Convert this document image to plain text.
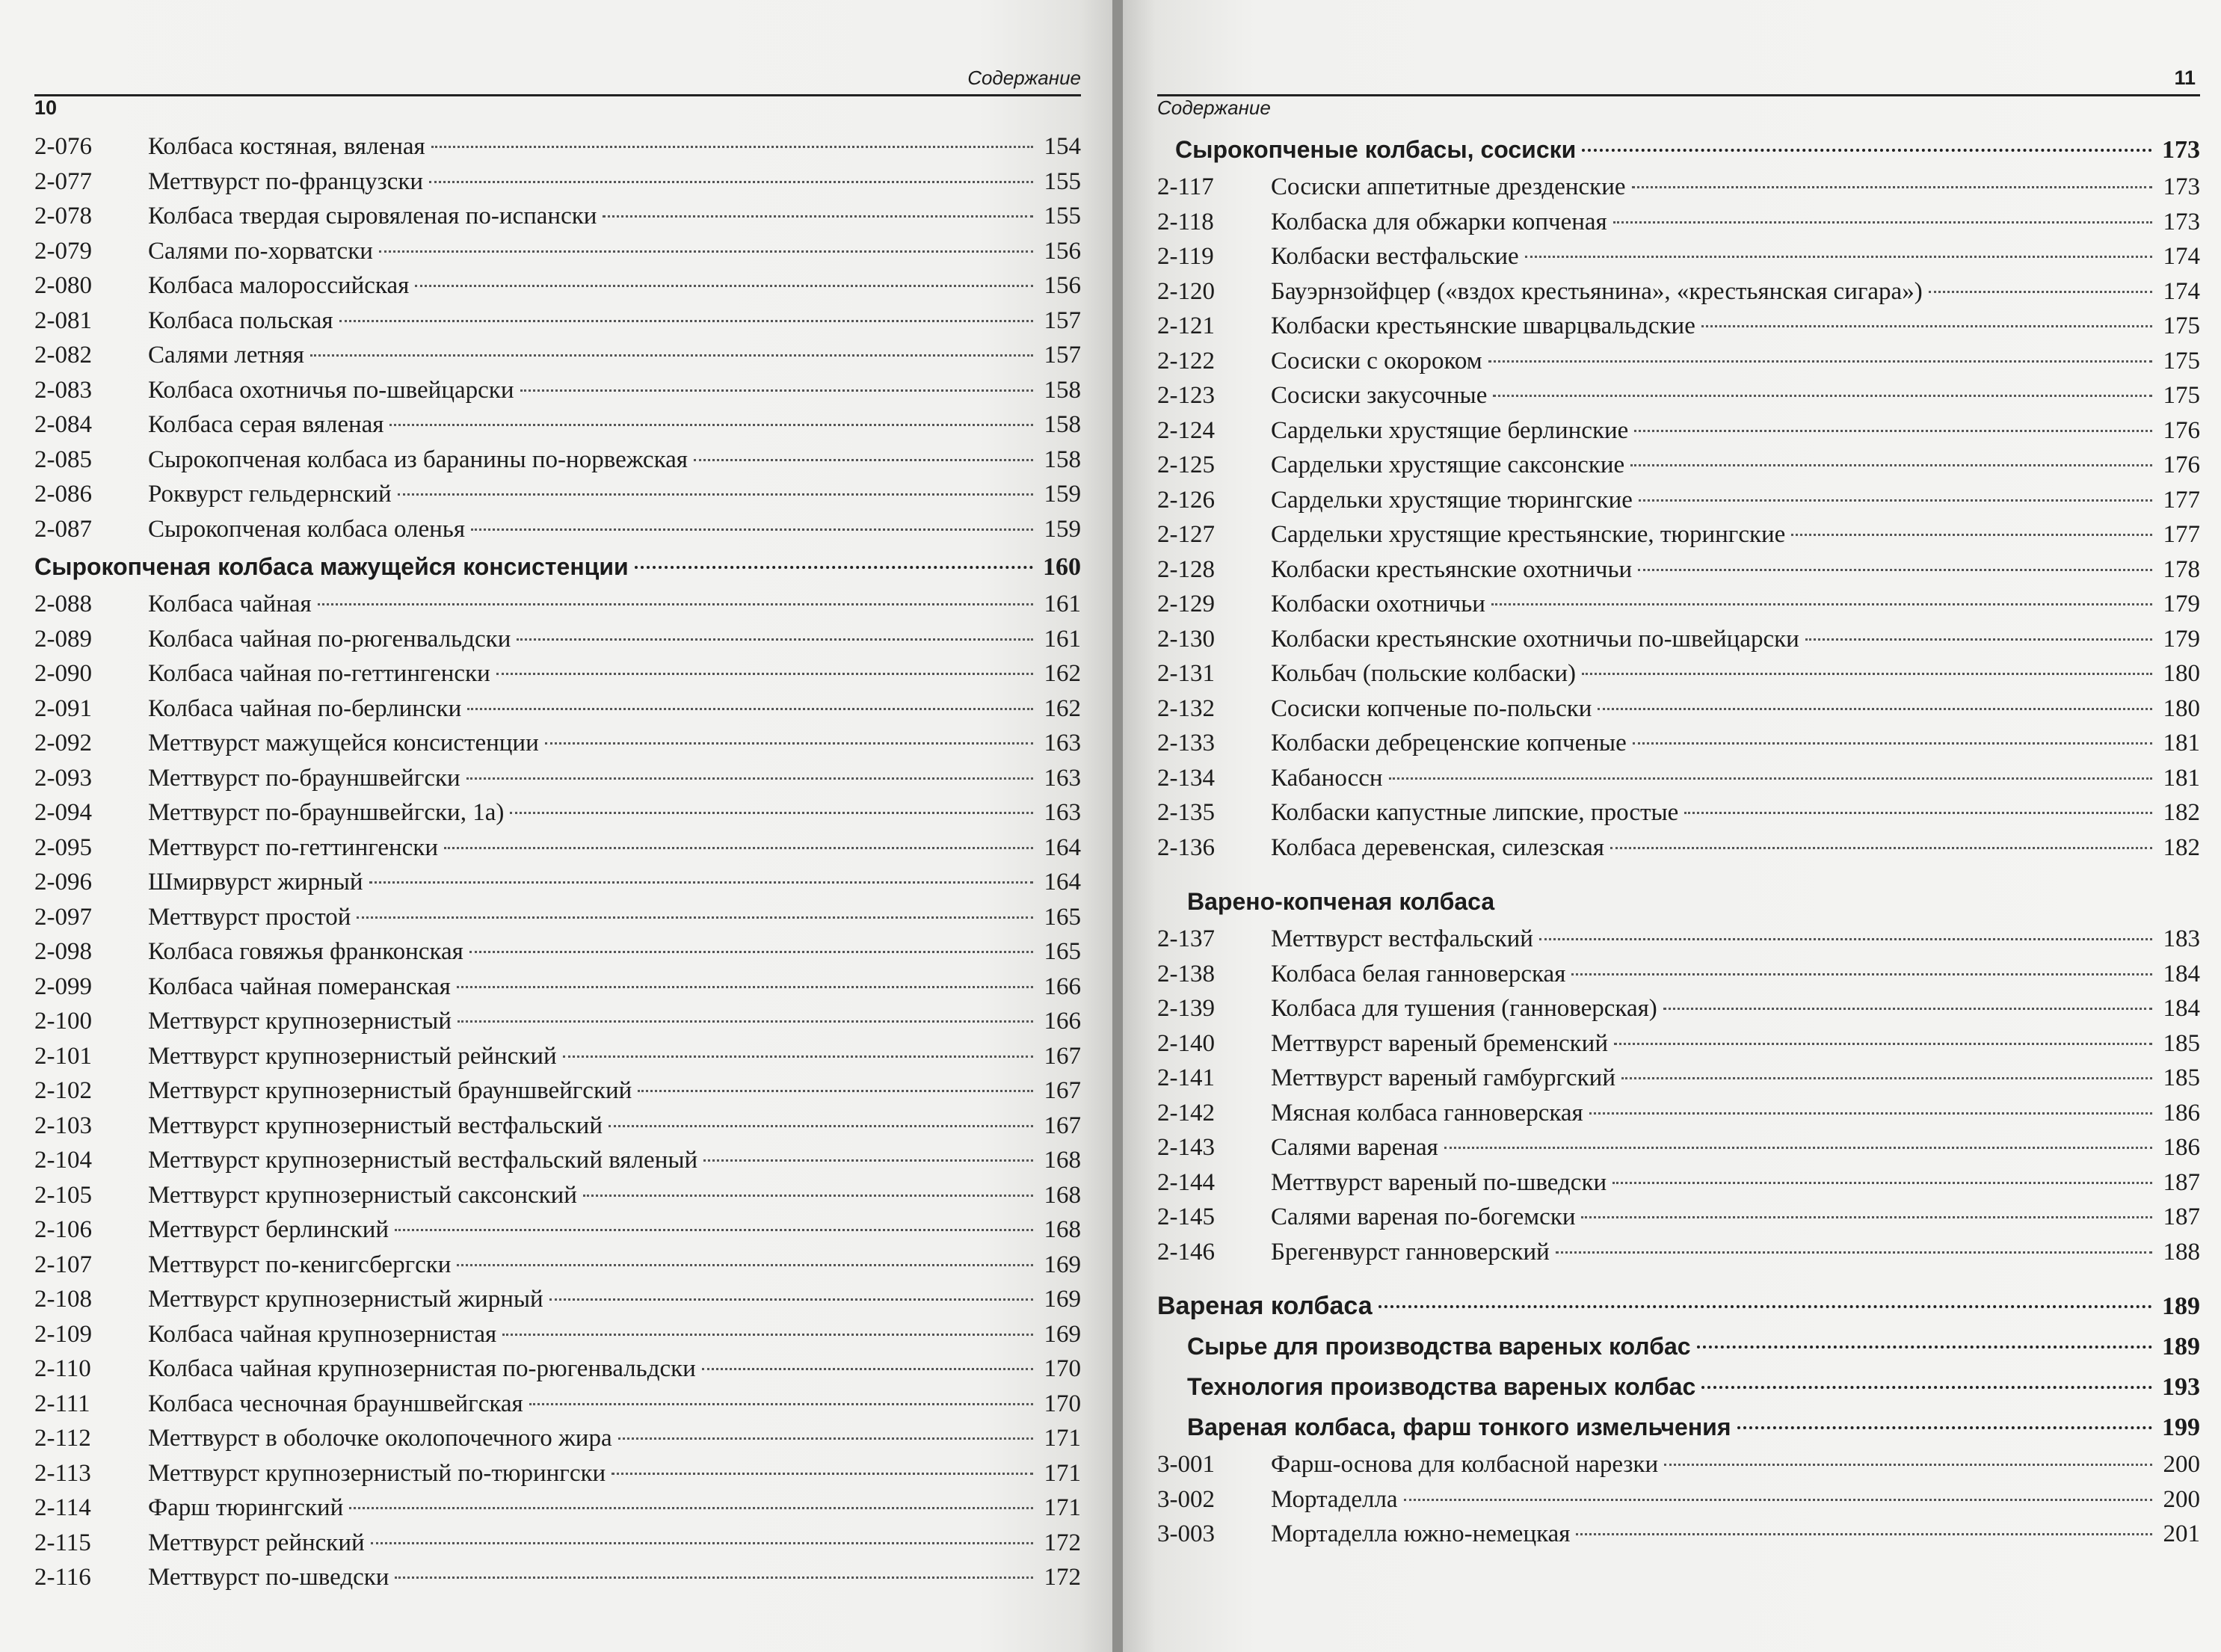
10
Содержание
2-076	Колбаса костяная, вяленая	154
2-077	Меттвурст по-французски	155
2-078	Колбаса твердая сыровяленая по-испански	155
2-079	Салями по-хорватски	156
2-080	Колбаса малороссийская	156
2-081	Колбаса польская	157
2-082	Салями летняя	157
2-083	Колбаса охотничья по-швейцарски	158
2-084	Колбаса серая вяленая	158
2-085	Сырокопченая колбаса из баранины по-норвежская	158
2-086	Роквурст гельдернский	159
2-087	Сырокопченая колбаса оленья	159
Сырокопченая колбаса мажущейся консистенции	160
2-088	Колбаса чайная	161
2-089	Колбаса чайная по-рюгенвальдски	161
2-090	Колбаса чайная по-геттингенски	162
2-091	Колбаса чайная по-берлински	162
2-092	Меттвурст мажущейся консистенции	163
2-093	Меттвурст по-брауншвейгски	163
2-094	Меттвурст по-брауншвейгски, 1а)	163
2-095	Меттвурст по-геттингенски	164
2-096	Шмирвурст жирный	164
2-097	Меттвурст простой	165
2-098	Колбаса говяжья франконская	165
2-099	Колбаса чайная померанская	166
2-100	Меттвурст крупнозернистый	166
2-101	Меттвурст крупнозернистый рейнский	167
2-102	Меттвурст крупнозернистый брауншвейгский	167
2-103	Меттвурст крупнозернистый вестфальский	167
2-104	Меттвурст крупнозернистый вестфальский вяленый	168
2-105	Меттвурст крупнозернистый саксонский	168
2-106	Меттвурст берлинский	168
2-107	Меттвурст по-кенигсбергски	169
2-108	Меттвурст крупнозернистый жирный	169
2-109	Колбаса чайная крупнозернистая	169
2-110	Колбаса чайная крупнозернистая по-рюгенвальдски	170
2-111	Колбаса чесночная брауншвейгская	170
2-112	Меттвурст в оболочке околопочечного жира	171
2-113	Меттвурст крупнозернистый по-тюрингски	171
2-114	Фарш тюрингский	171
2-115	Меттвурст рейнский	172
2-116	Меттвурст по-шведски	172
Содержание
11
Сырокопченые колбасы, сосиски	173
2-117	Сосиски аппетитные дрезденские	173
2-118	Колбаска для обжарки копченая	173
2-119	Колбаски вестфальские	174
2-120	Бауэрнзойфцер («вздох крестьянина», «крестьянская сигара»)	174
2-121	Колбаски крестьянские шварцвальдские	175
2-122	Сосиски с окороком	175
2-123	Сосиски закусочные	175
2-124	Сардельки хрустящие берлинские	176
2-125	Сардельки хрустящие саксонские	176
2-126	Сардельки хрустящие тюрингские	177
2-127	Сардельки хрустящие крестьянские, тюрингские	177
2-128	Колбаски крестьянские охотничьи	178
2-129	Колбаски охотничьи	179
2-130	Колбаски крестьянские охотничьи по-швейцарски	179
2-131	Кольбач (польские колбаски)	180
2-132	Сосиски копченые по-польски	180
2-133	Колбаски дебреценские копченые	181
2-134	Кабаноссн	181
2-135	Колбаски капустные липские, простые	182
2-136	Колбаса деревенская, силезская	182
Варено-копченая колбаса
2-137	Меттвурст вестфальский	183
2-138	Колбаса белая ганноверская	184
2-139	Колбаса для тушения (ганноверская)	184
2-140	Меттвурст вареный бременский	185
2-141	Меттвурст вареный гамбургский	185
2-142	Мясная колбаса ганноверская	186
2-143	Салями вареная	186
2-144	Меттвурст вареный по-шведски	187
2-145	Салями вареная по-богемски	187
2-146	Брегенвурст ганноверский	188
Вареная колбаса	189
Сырье для производства вареных колбас	189
Технология производства вареных колбас	193
Вареная колбаса, фарш тонкого измельчения	199
3-001	Фарш-основа для колбасной нарезки	200
3-002	Мортаделла	200
3-003	Мортаделла южно-немецкая	201
